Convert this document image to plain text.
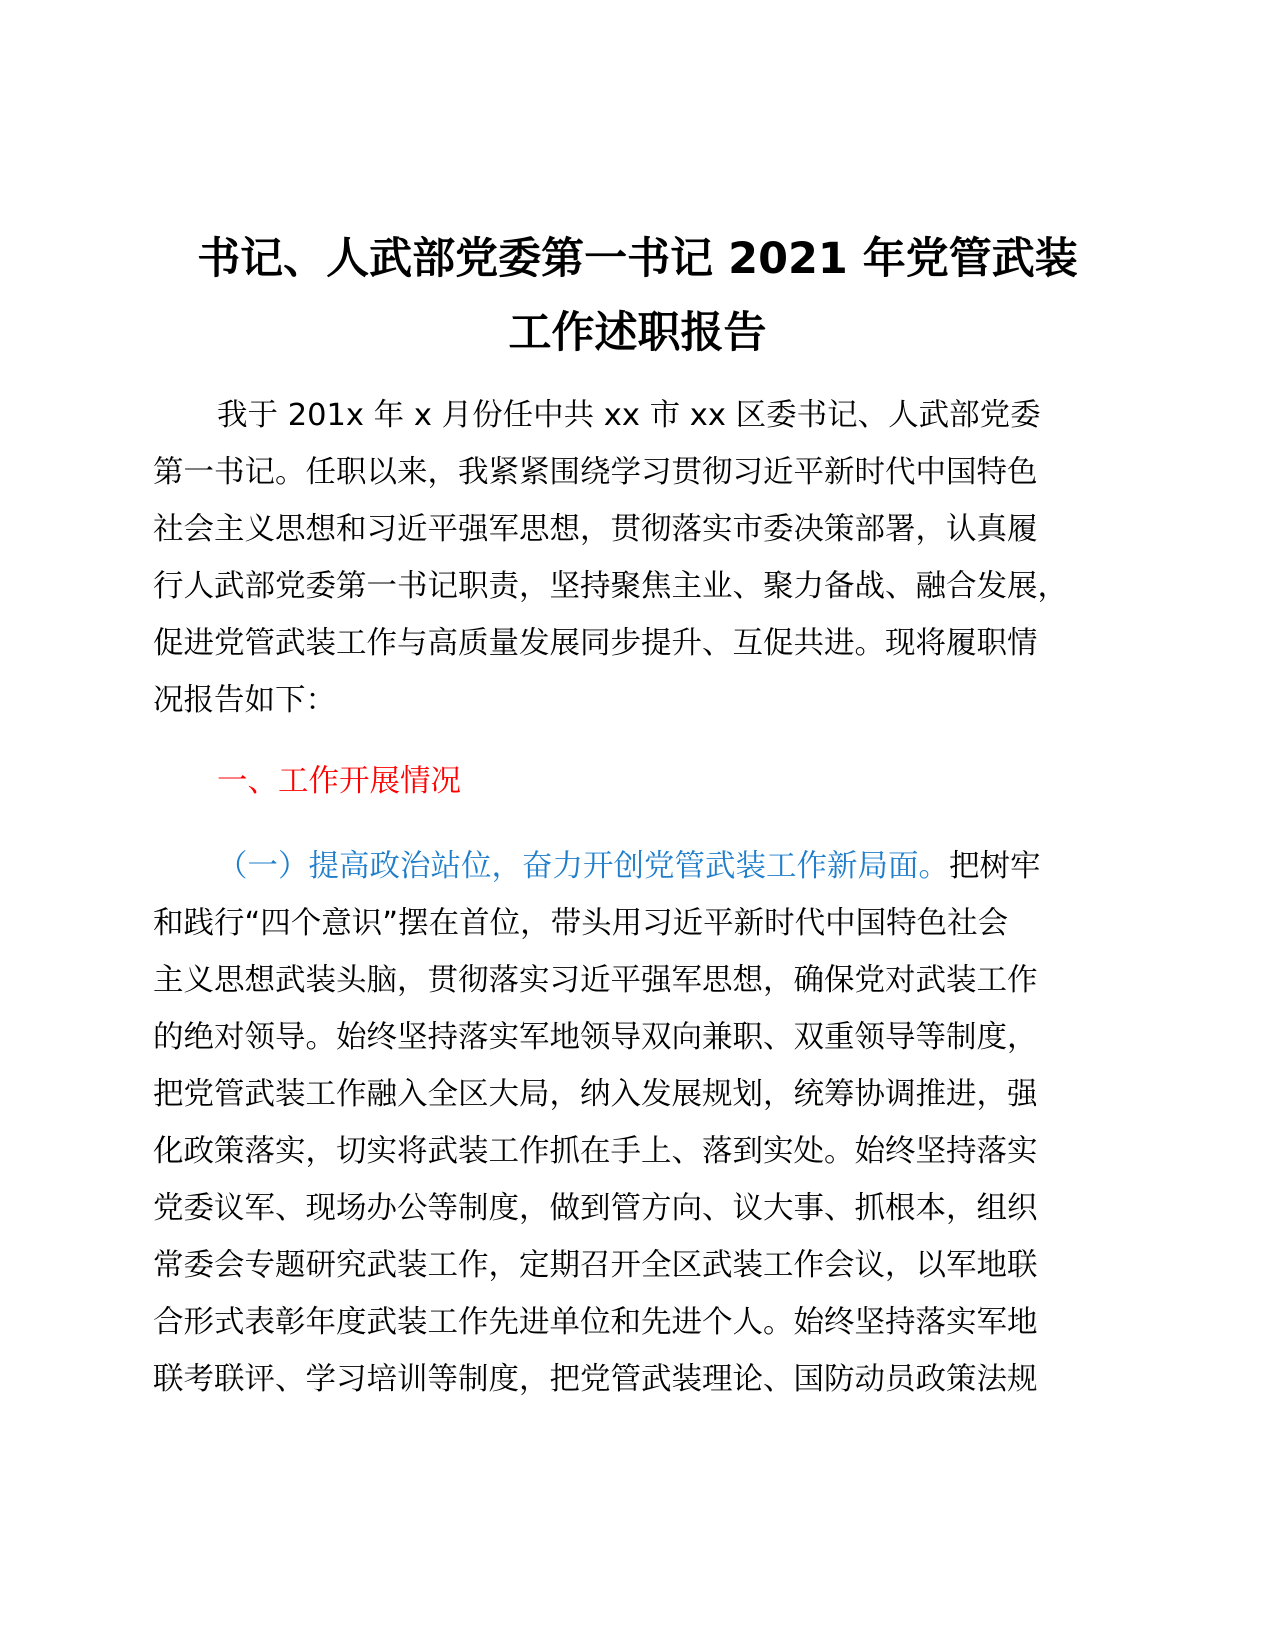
书记、人武部党委第一书记 2021 年党管武装
工作述职报告
我于 201x 年 x 月份任中共 xx 市 xx 区委书记、人武部党委
第一书记。任职以来，我紧紧围绕学习贯彻习近平新时代中国特色
社会主义思想和习近平强军思想，贯彻落实市委决策部署，认真履
行人武部党委第一书记职责，坚持聚焦主业、聚力备战、融合发展，
促进党管武装工作与高质量发展同步提升、互促共进。现将履职情
况报告如下：
一、工作开展情况
（一）提高政治站位，奋力开创党管武装工作新局面。把树牢
和践行“四个意识”摆在首位，带头用习近平新时代中国特色社会
主义思想武装头脑，贯彻落实习近平强军思想，确保党对武装工作
的绝对领导。始终坚持落实军地领导双向兼职、双重领导等制度，
把党管武装工作融入全区大局，纳入发展规划，统筹协调推进，强
化政策落实，切实将武装工作抓在手上、落到实处。始终坚持落实
党委议军、现场办公等制度，做到管方向、议大事、抓根本，组织
常委会专题研究武装工作，定期召开全区武装工作会议，以军地联
合形式表彰年度武装工作先进单位和先进个人。始终坚持落实军地
联考联评、学习培训等制度，把党管武装理论、国防动员政策法规
